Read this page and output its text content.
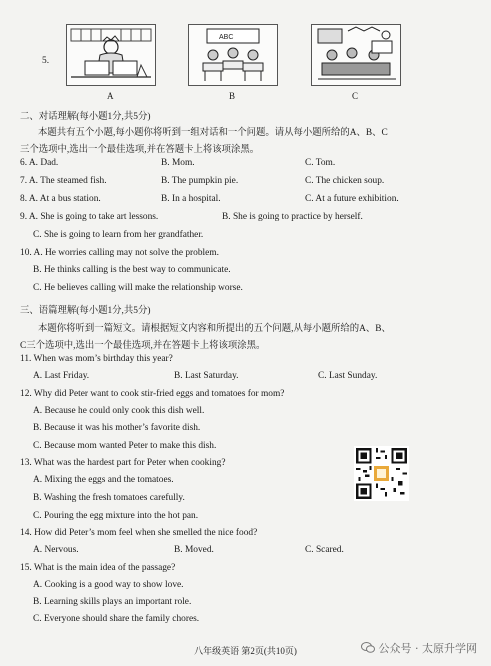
5.
A
ABC
B	C
二、对话理解(每小题1分,共5分)
本题共有五个小题,每小题你将听到一组对话和一个问题。请从每小题所给的A、B、C
三个选项中,选出一个最佳选项,并在答题卡上将该项涂黑。
6. A. Dad.	B. Mom.	C. Tom.
7. A. The steamed fish.	B. The pumpkin pie.	C. The chicken soup.
8. A. At a bus station.	B. In a hospital.	C. At a future exhibition.
9. A. She is going to take art lessons.	B. She is going to practice by herself.
C. She is going to learn from her grandfather.
10. A. He worries calling may not solve the problem.
B. He thinks calling is the best way to communicate.
C. He believes calling will make the relationship worse.
三、语篇理解(每小题1分,共5分)
本题你将听到一篇短文。请根据短文内容和所提出的五个问题,从每小题所给的A、B、
C三个选项中,选出一个最佳选项,并在答题卡上将该项涂黑。
11. When was mom’s birthday this year?
A. Last Friday.	B. Last Saturday.	C. Last Sunday.
12. Why did Peter want to cook stir-fried eggs and tomatoes for mom?
A. Because he could only cook this dish well.
B. Because it was his mother’s favorite dish.
C. Because mom wanted Peter to make this dish.
13. What was the hardest part for Peter when cooking?
A. Mixing the eggs and the tomatoes.
B. Washing the fresh tomatoes carefully.
C. Pouring the egg mixture into the hot pan.
14. How did Peter’s mom feel when she smelled the nice food?
A. Nervous.	B. Moved.	C. Scared.
15. What is the main idea of the passage?
A. Cooking is a good way to show love.
B. Learning skills plays an important role.
C. Everyone should share the family chores.
八年级英语 第2页(共10页)	公众号 · 太原升学网
